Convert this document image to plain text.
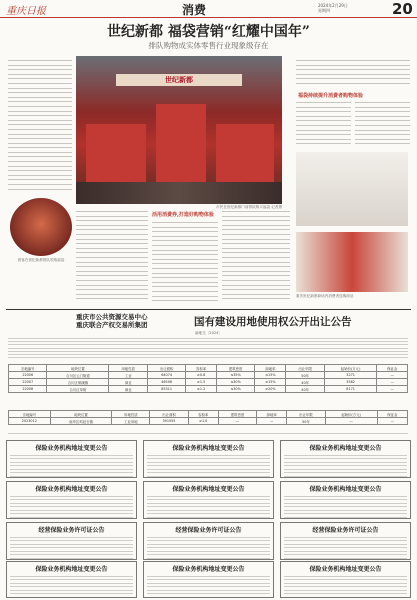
重庆日报	消费	2024年2月29日
星期四	20
世纪新都 福袋营销“红耀中国年”
排队购物成实体零售行业现象级存在
世纪新都
市民在世纪新都门前排队购买福袋 记者摄
福袋持续提升消费者购物体验
重庆世纪新都商场内消费者选购商品
游客在世纪新都排队领取福袋
活用消费券,打造好购物体验
重庆市公共资源交易中心
重庆联合产权交易所集团	国有建设用地使用权公开出让公告
渝地交〔2024〕
宗地编号	地块位置	用地性质	出让面积	容积率	建筑密度	绿地率	出让年限	起始价(万元)	保证金
22006	合川区云门街道	工业	64074	≥0.8	≤35%	≤15%	50年	3271	—
22007	合川区铜溪镇	商业	46506	≥1.5	≤30%	≥15%	40年	3582	—
22008	合川区草街	商业	85311	≥1.2	≤30%	≥20%	40年	8171	—
宗地编号	地块位置	用地性质	出让面积	容积率	建筑密度	绿地率	出让年限	起始价(万元)	保证金
2023012	南岸区鸡冠石镇	工业用地	391555	≥1.0	—	—	50年	—	—
保险业务机构地址变更公告	保险业务机构地址变更公告	保险业务机构地址变更公告
保险业务机构地址变更公告	保险业务机构地址变更公告	保险业务机构地址变更公告
经营保险业务许可证公告	经营保险业务许可证公告	经营保险业务许可证公告
保险业务机构地址变更公告	保险业务机构地址变更公告	保险业务机构地址变更公告
